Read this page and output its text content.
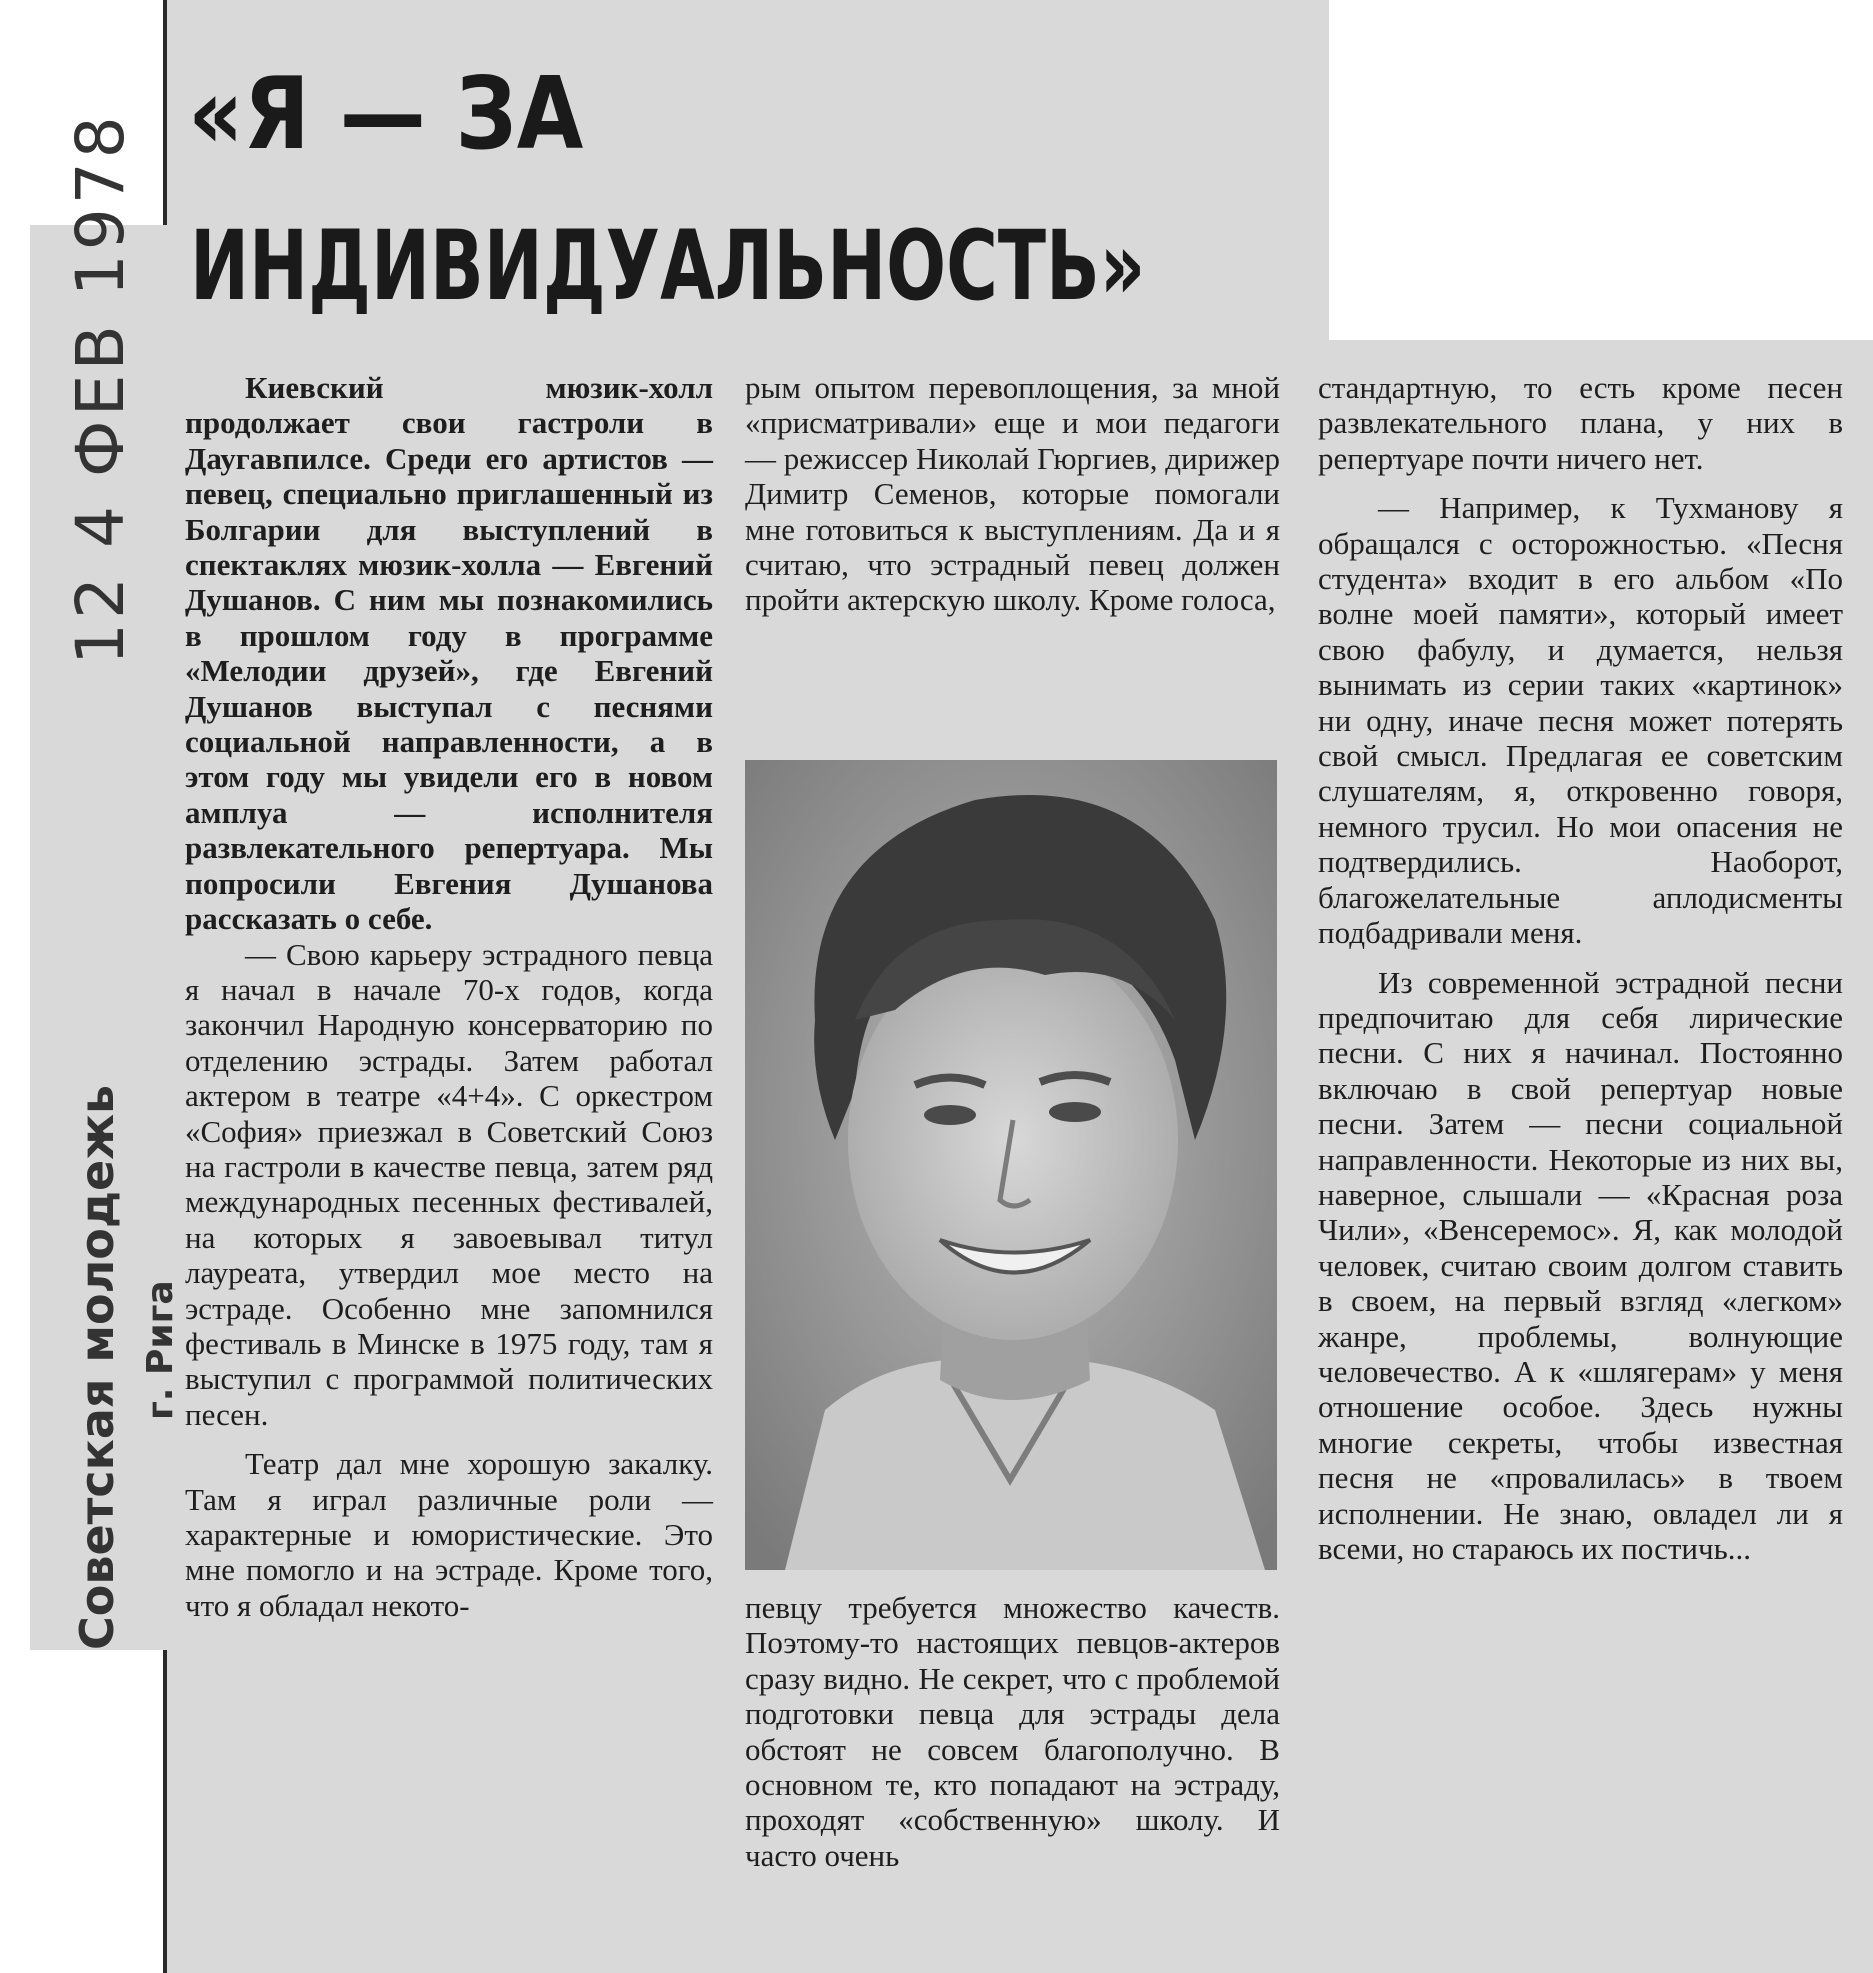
12 4 ФЕВ 1978
Советская молодежь г. Рига
«Я — ЗА
ИНДИВИДУАЛЬНОСТЬ»

Киевский мюзик-холл продолжает свои гастроли в Даугавпилсе. Среди его артистов — певец, специально приглашенный из Болгарии для выступлений в спектаклях мюзик-холла — Евгений Душанов. С ним мы познакомились в прошлом году в программе «Мелодии друзей», где Евгений Душанов выступал с песнями социальной направленности, а в этом году мы увидели его в новом амплуа — исполнителя развлекательного репертуара. Мы попросили Евгения Душанова рассказать о себе.

— Свою карьеру эстрадного певца я начал в начале 70-х годов, когда закончил Народную консерваторию по отделению эстрады. Затем работал актером в театре «4+4». С оркестром «София» приезжал в Советский Союз на гастроли в качестве певца, затем ряд международных песенных фестивалей, на которых я завоевывал титул лауреата, утвердил мое место на эстраде. Особенно мне запомнился фестиваль в Минске в 1975 году, там я выступил с программой политических песен.

Театр дал мне хорошую закалку. Там я играл различные роли — характерные и юмористические. Это мне помогло и на эстраде. Кроме того, что я обладал некото-

рым опытом перевоплощения, за мной «присматривали» еще и мои педагоги — режиссер Николай Гюргиев, дирижер Димитр Семенов, которые помогали мне готовиться к выступлениям. Да и я считаю, что эстрадный певец должен пройти актерскую школу. Кроме голоса,

певцу требуется множество качеств. Поэтому-то настоящих певцов-актеров сразу видно. Не секрет, что с проблемой подготовки певца для эстрады дела обстоят не совсем благополучно. В основном те, кто попадают на эстраду, проходят «собственную» школу. И часто очень

стандартную, то есть кроме песен развлекательного плана, у них в репертуаре почти ничего нет.

— Например, к Тухманову я обращался с осторожностью. «Песня студента» входит в его альбом «По волне моей памяти», который имеет свою фабулу, и думается, нельзя вынимать из серии таких «картинок» ни одну, иначе песня может потерять свой смысл. Предлагая ее советским слушателям, я, откровенно говоря, немного трусил. Но мои опасения не подтвердились. Наоборот, благожелательные аплодисменты подбадривали меня.

Из современной эстрадной песни предпочитаю для себя лирические песни. С них я начинал. Постоянно включаю в свой репертуар новые песни. Затем — песни социальной направленности. Некоторые из них вы, наверное, слышали — «Красная роза Чили», «Венсеремос». Я, как молодой человек, считаю своим долгом ставить в своем, на первый взгляд «легком» жанре, проблемы, волнующие человечество. А к «шлягерам» у меня отношение особое. Здесь нужны многие секреты, чтобы известная песня не «провалилась» в твоем исполнении. Не знаю, овладел ли я всеми, но стараюсь их постичь...
